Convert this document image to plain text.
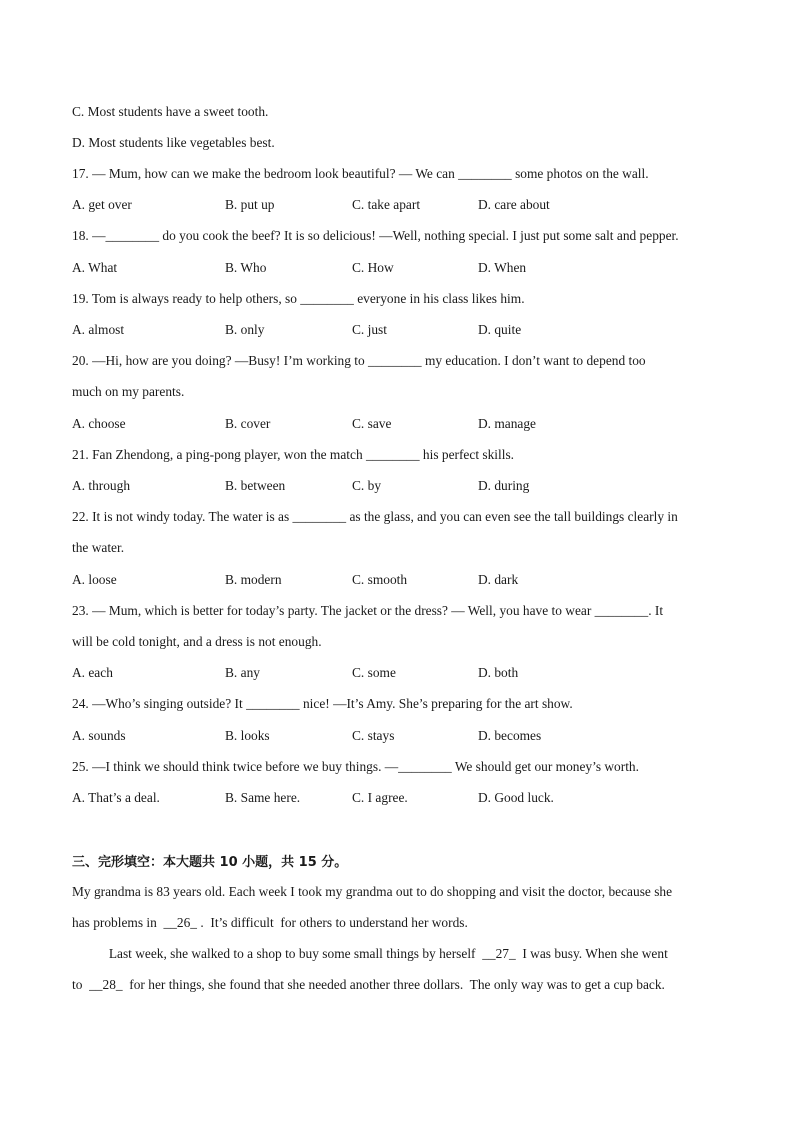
C. Most students have a sweet tooth.
D. Most students like vegetables best.
17. — Mum, how can we make the bedroom look beautiful? — We can ________ some photos on the wall.
A. get over	B. put up	C. take apart	D. care about
18. —________ do you cook the beef? It is so delicious! —Well, nothing special. I just put some salt and pepper.
A. What	B. Who	C. How	D. When
19. Tom is always ready to help others, so ________ everyone in his class likes him.
A. almost	B. only	C. just	D. quite
20. —Hi, how are you doing? —Busy! I’m working to ________ my education. I don’t want to depend too
much on my parents.
A. choose	B. cover	C. save	D. manage
21. Fan Zhendong, a ping-pong player, won the match ________ his perfect skills.
A. through	B. between	C. by	D. during
22. It is not windy today. The water is as ________ as the glass, and you can even see the tall buildings clearly in
the water.
A. loose	B. modern	C. smooth	D. dark
23. — Mum, which is better for today’s party. The jacket or the dress? — Well, you have to wear ________. It
will be cold tonight, and a dress is not enough.
A. each	B. any	C. some	D. both
24. —Who’s singing outside? It ________ nice! —It’s Amy. She’s preparing for the art show.
A. sounds	B. looks	C. stays	D. becomes
25. —I think we should think twice before we buy things. —________ We should get our money’s worth.
A. That’s a deal.	B. Same here.	C. I agree.	D. Good luck.
三、完形填空：本大题共 10 小题，共 15 分。
My grandma is 83 years old. Each week I took my grandma out to do shopping and visit the doctor, because she
has problems in  __26_ .  It’s difficult  for others to understand her words.
Last week, she walked to a shop to buy some small things by herself  __27_  I was busy. When she went
to  __28_  for her things, she found that she needed another three dollars.  The only way was to get a cup back.
